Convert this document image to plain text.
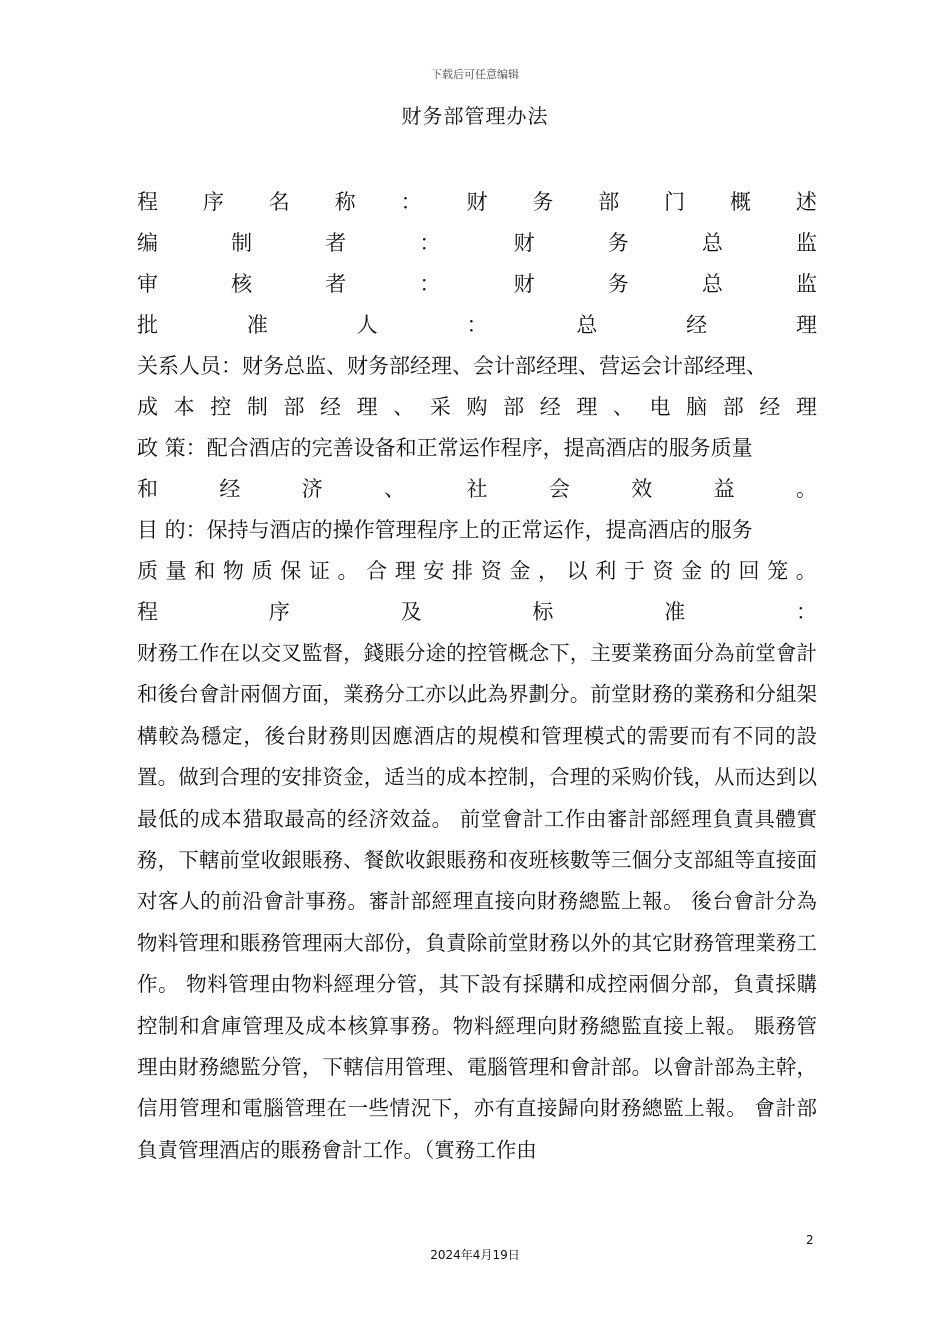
下载后可任意编辑
财务部管理办法
程 序 名 称 ： 财 务 部 门 概 述
编	制	者	：	财	务	总	监
审	核	者	：	财	务	总	监
批	准	人	：	总	经	理
关系人员：财务总监、财务部经理、会计部经理、营运会计部经理、
成 本 控 制 部 经 理 、 采 购 部 经 理 、 电 脑 部 经 理
政 策：配合酒店的完善设备和正常运作程序，提高酒店的服务质量
和	经	济	、	社	会	效	益	。
目 的：保持与酒店的操作管理程序上的正常运作，提高酒店的服务
质 量 和 物 质 保 证 。 合 理 安 排 资 金 ， 以 利 于 资 金 的 回 笼 。
程	序	及	标	准	：
财務工作在以交叉監督，錢賬分途的控管概念下，主要業務面分為前堂會計和後台會計兩個方面，業務分工亦以此為界劃分。前堂財務的業務和分組架構較為穩定，後台財務則因應酒店的規模和管理模式的需要而有不同的設置。做到合理的安排资金，适当的成本控制，合理的采购价钱，从而达到以最低的成本猎取最高的经济效益。 前堂會計工作由審計部經理負責具體實務，下轄前堂收銀賬務、餐飲收銀賬務和夜班核數等三個分支部組等直接面对客人的前沿會計事務。審計部經理直接向財務總監上報。 後台會計分為物料管理和賬務管理兩大部份，負責除前堂財務以外的其它財務管理業務工作。 物料管理由物料經理分管，其下設有採購和成控兩個分部，負責採購控制和倉庫管理及成本核算事務。物料經理向財務總監直接上報。 賬務管理由財務總監分管，下轄信用管理、電腦管理和會計部。以會計部為主幹，信用管理和電腦管理在一些情況下，亦有直接歸向財務總監上報。 會計部負責管理酒店的賬務會計工作。（實務工作由
2
2024年4月19日
